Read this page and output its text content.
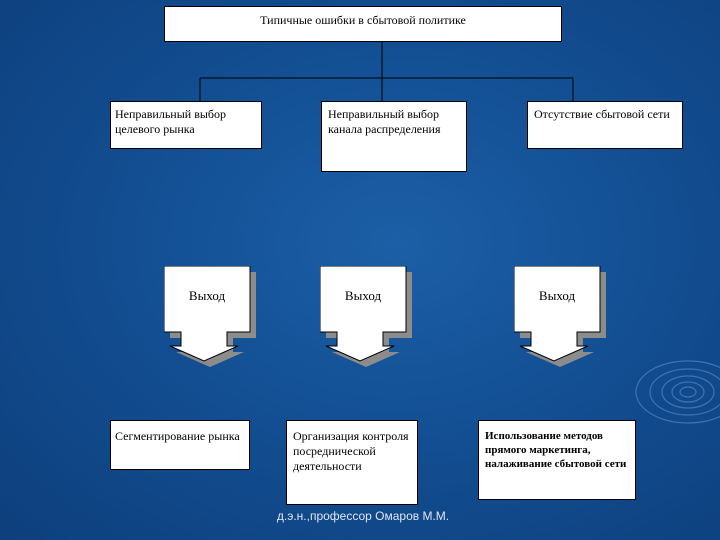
Типичные ошибки в сбытовой политике
Неправильный выбор целевого рынка
Неправильный выбор канала распределения
Отсутствие сбытовой сети
Выход	Выход	Выход
Сегментирование рынка	Организация контроля посреднической деятельности
Использование методов прямого маркетинга, налаживание сбытовой сети
д.э.н.,профессор Омаров М.М.
